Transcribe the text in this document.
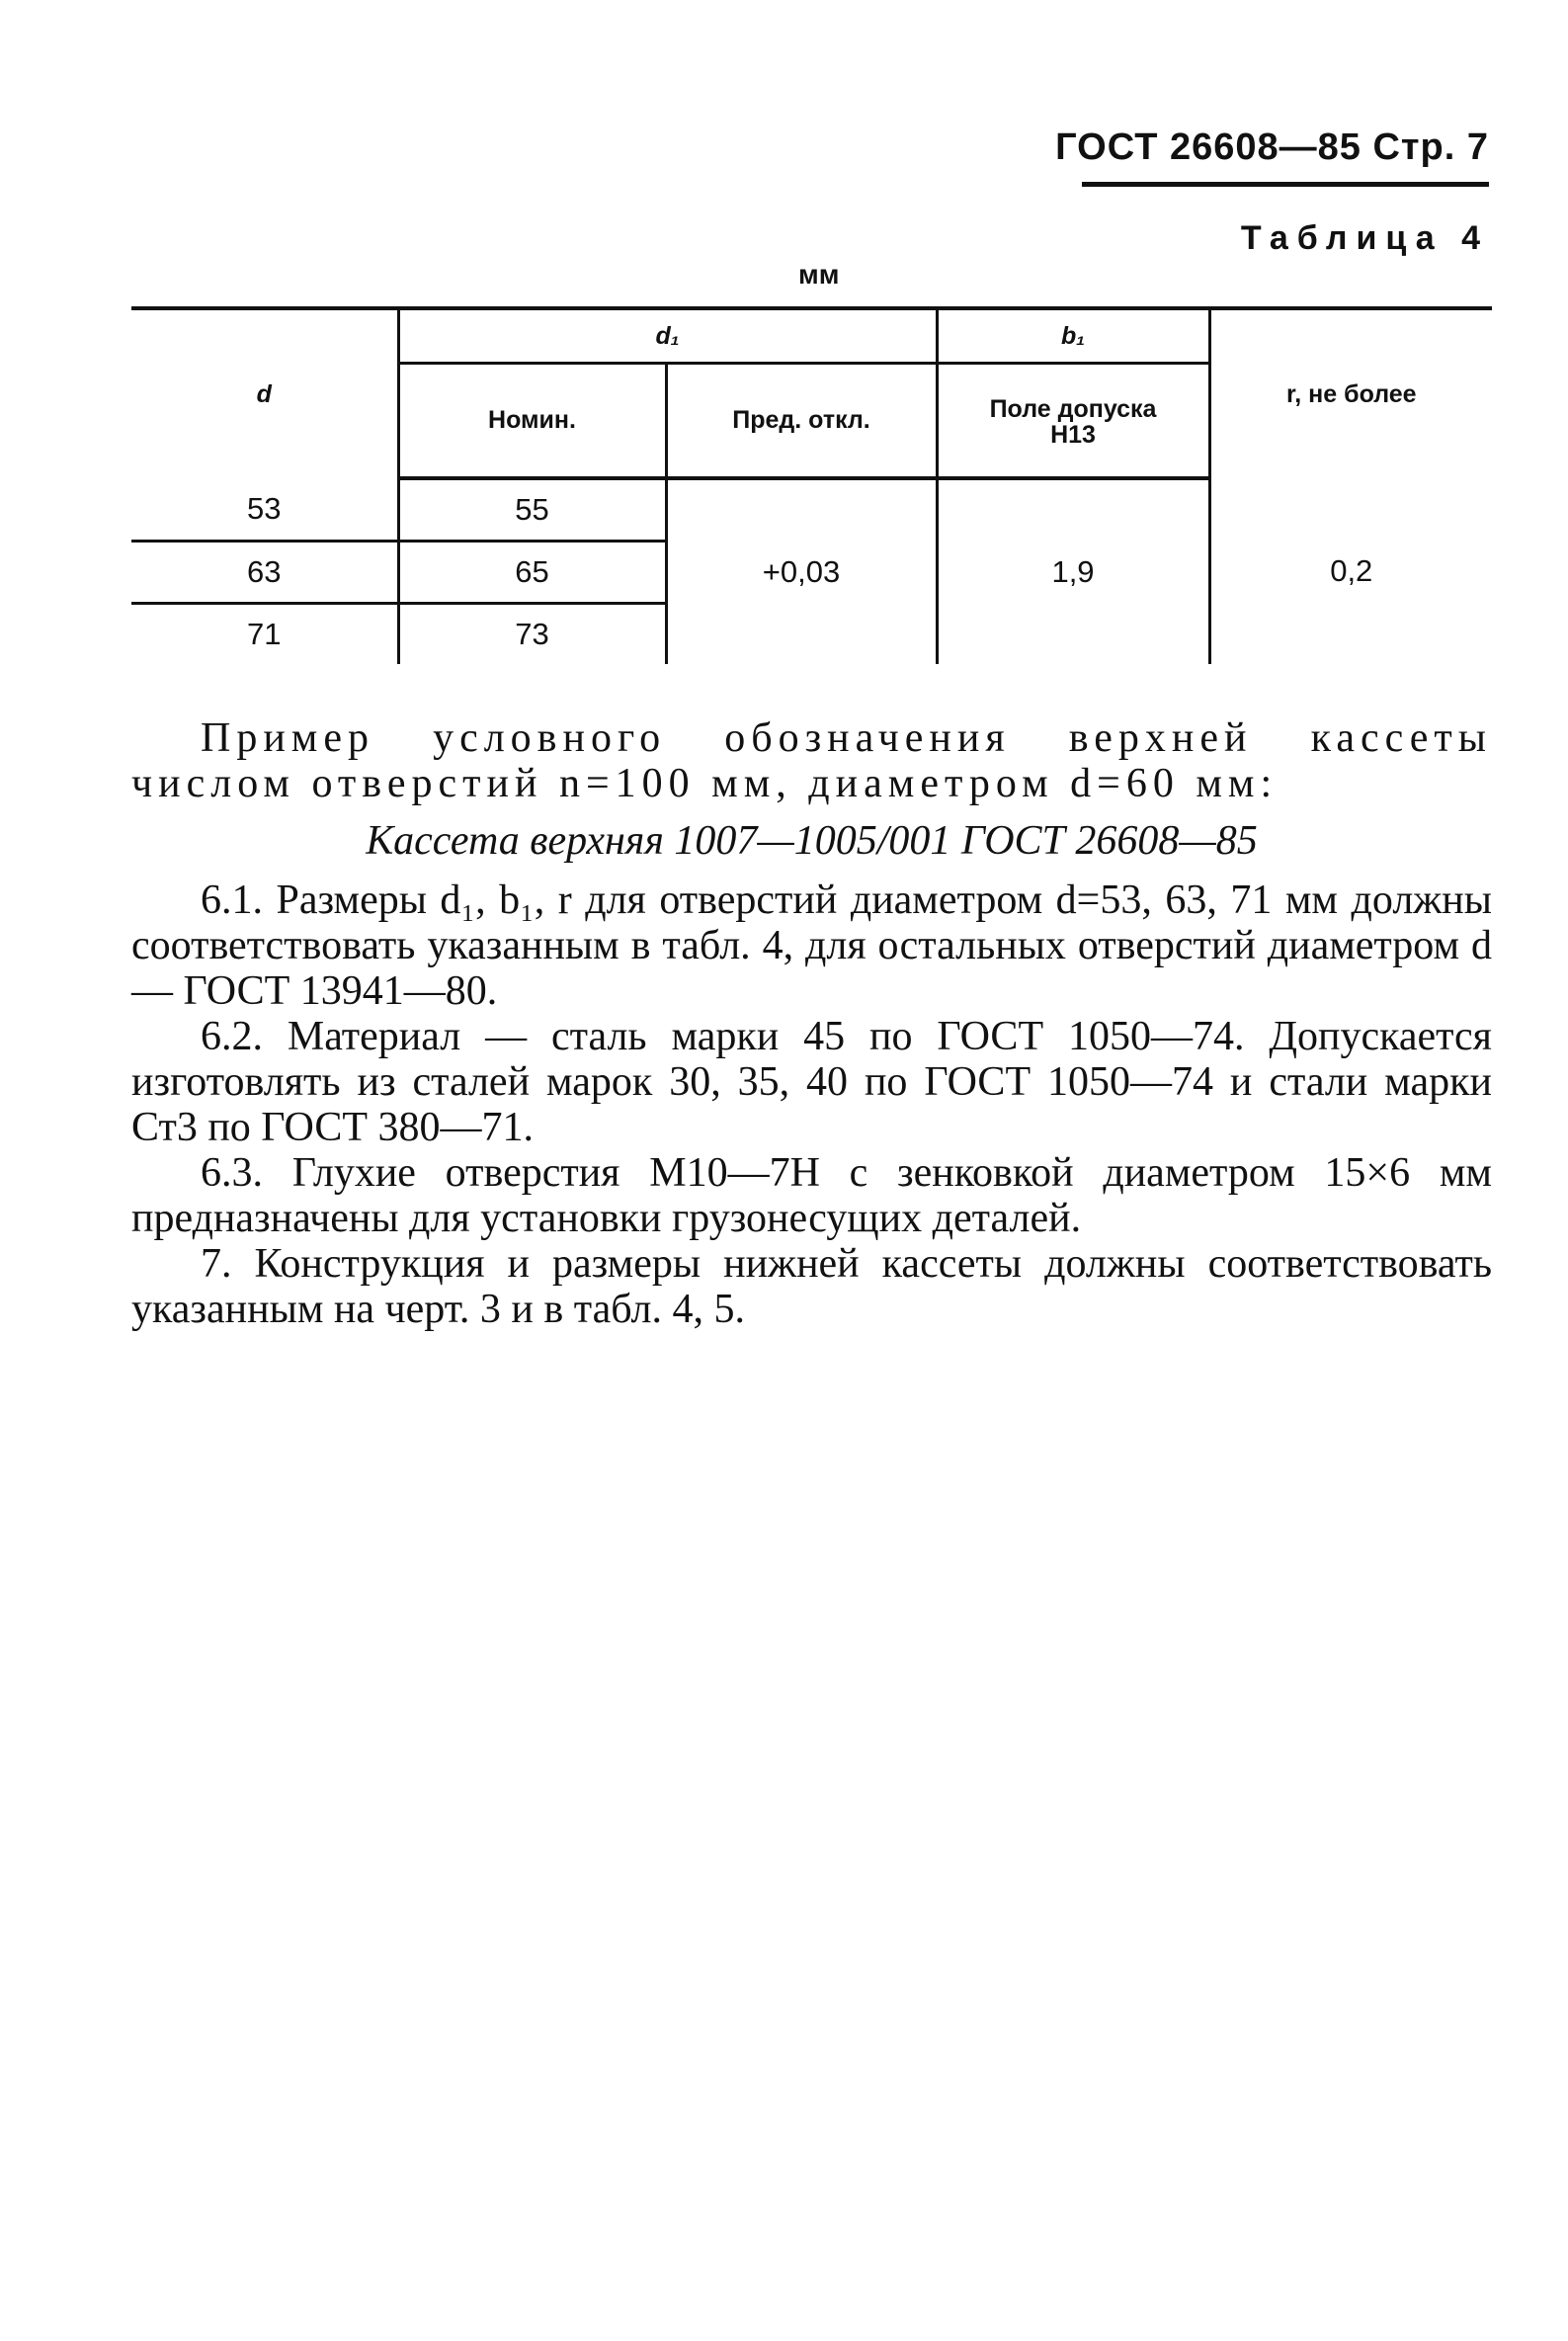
ГОСТ 26608—85 Стр. 7
Таблица 4
мм
d	d₁		b₁	r, не более
	Номин.	Пред. откл.	Поле допуска
H13	

53	55	+0,03	1,9	0,2
63	65			
71	73			

Пример условного обозначения верхней кассеты числом отверстий n=100 мм, диаметром d=60 мм:

Кассета верхняя 1007—1005/001 ГОСТ 26608—85

6.1. Размеры d₁, b₁, r для отверстий диаметром d=53, 63, 71 мм должны соответствовать указанным в табл. 4, для остальных отверстий диаметром d — ГОСТ 13941—80.

6.2. Материал — сталь марки 45 по ГОСТ 1050—74. Допускается изготовлять из сталей марок 30, 35, 40 по ГОСТ 1050—74 и стали марки Ст3 по ГОСТ 380—71.

6.3. Глухие отверстия М10—7Н с зенковкой диаметром 15×6 мм предназначены для установки грузонесущих деталей.

7. Конструкция и размеры нижней кассеты должны соответствовать указанным на черт. 3 и в табл. 4, 5.
